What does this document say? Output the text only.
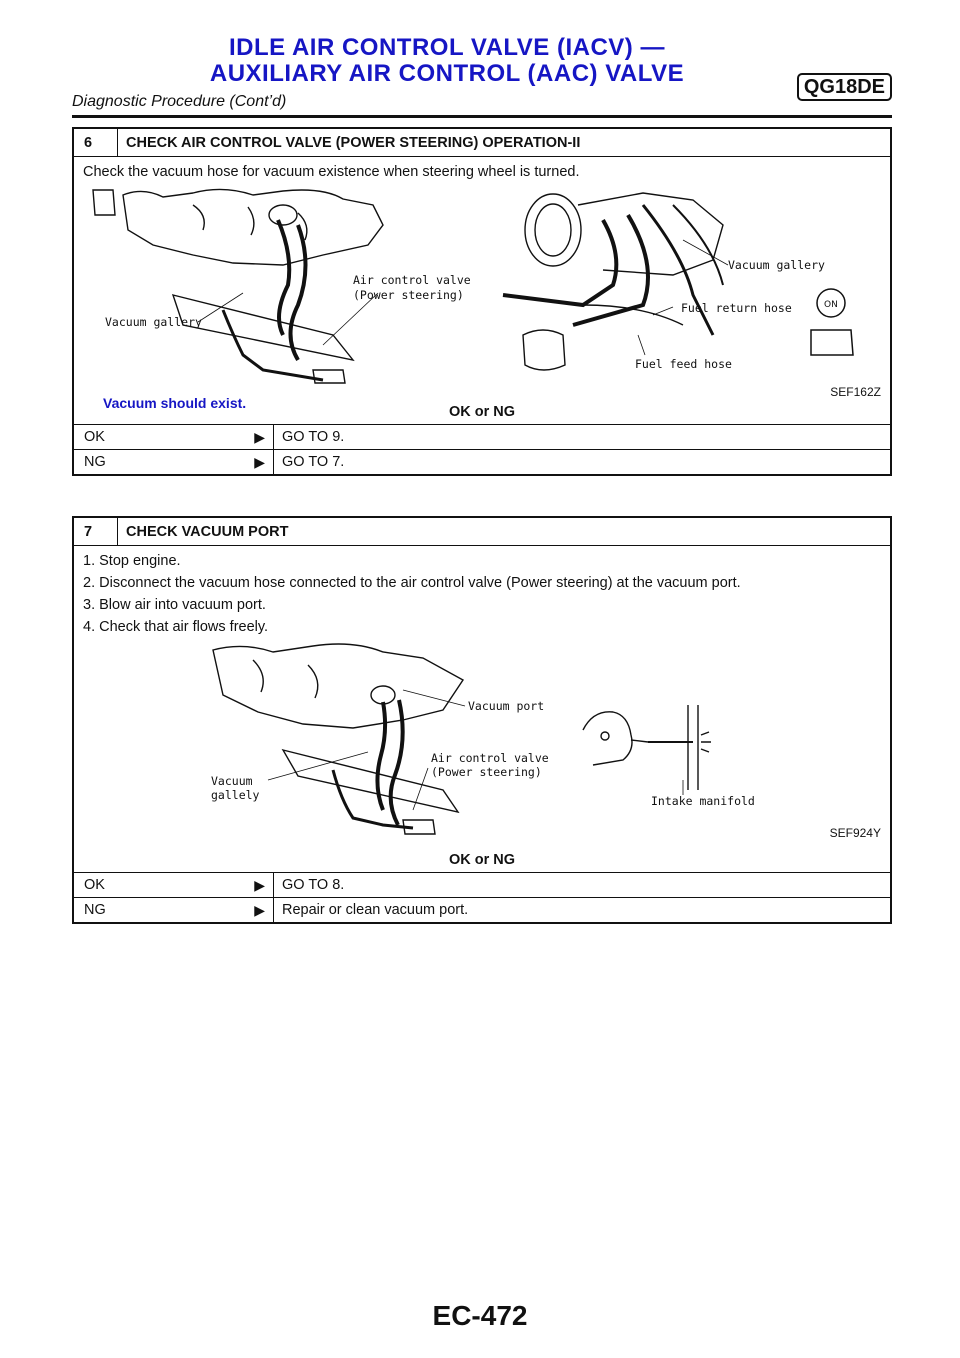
IDLE AIR CONTROL VALVE (IACV) —
AUXILIARY AIR CONTROL (AAC) VALVE	QG18DE
Diagnostic Procedure (Cont’d)
6	CHECK AIR CONTROL VALVE (POWER STEERING) OPERATION-II

Check the vacuum hose for vacuum existence when steering wheel is turned.

Vacuum gallery
Air control valve
(Power steering)
Vacuum gallery
Fuel return hose
Fuel feed hose
ON
SEF162Z
Vacuum should exist.
OK or NG
OK	▶	GO TO 9.
NG	▶	GO TO 7.
7	CHECK VACUUM PORT

1. Stop engine.

2. Disconnect the vacuum hose connected to the air control valve (Power steering) at the vacuum port.

3. Blow air into vacuum port.

4. Check that air flows freely.

Vacuum port
Air control valve
(Power steering)
Vacuum
gallely	Intake manifold
SEF924Y
OK or NG
OK	▶	GO TO 8.
NG	▶	Repair or clean vacuum port.
EC-472
